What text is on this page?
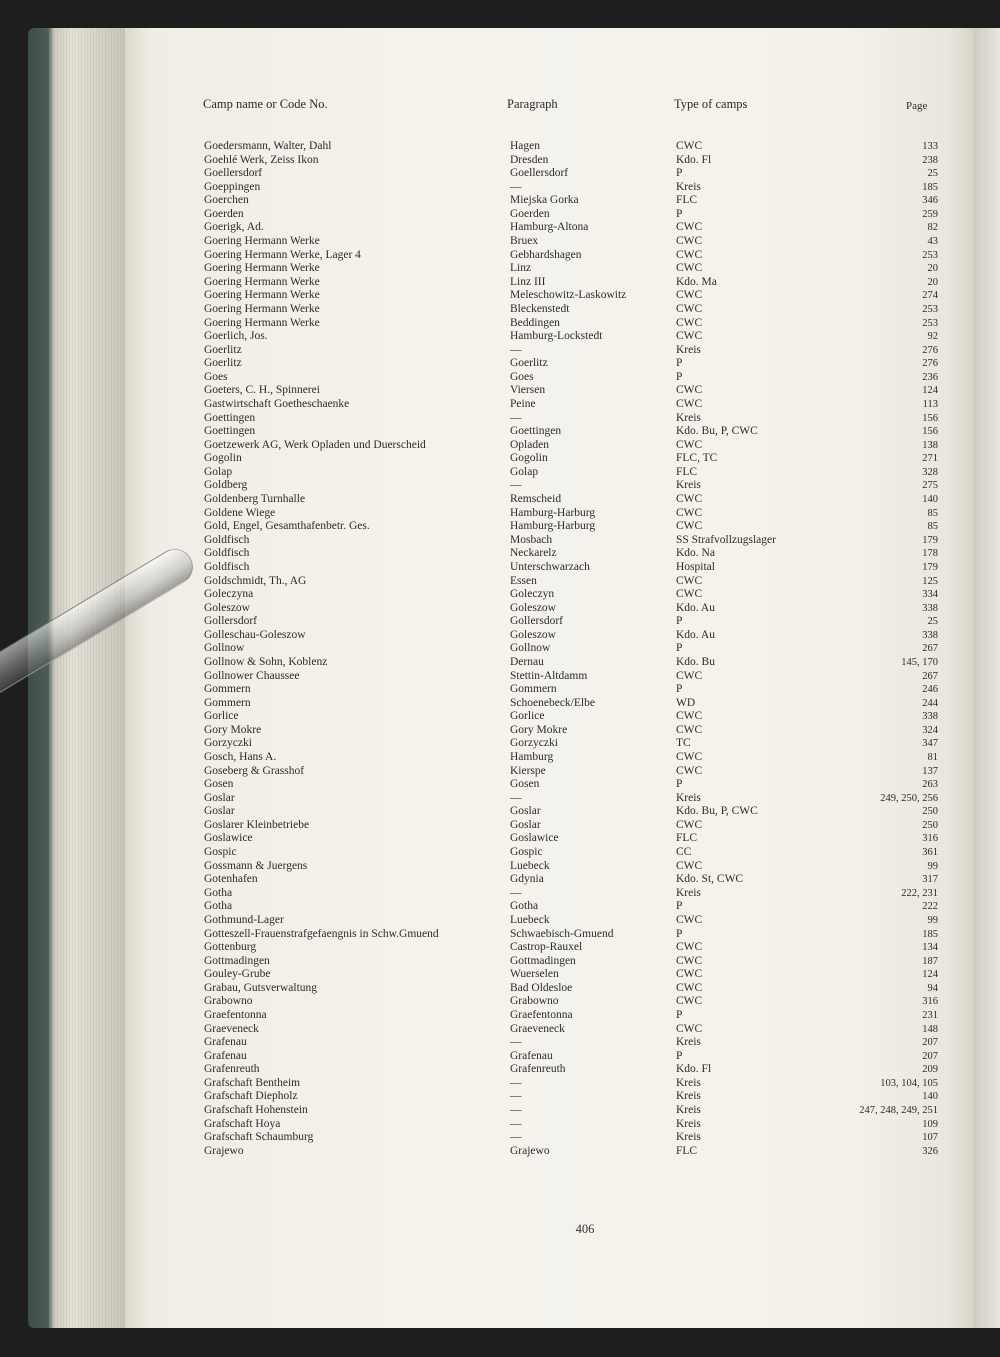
Camp name or Code No.	Paragraph	Type of camps	Page
Goedersmann, Walter, Dahl	Hagen	CWC	133
Goehlé Werk, Zeiss Ikon	Dresden	Kdo. Fl	238
Goellersdorf	Goellersdorf	P	25
Goeppingen	—	Kreis	185
Goerchen	Miejska Gorka	FLC	346
Goerden	Goerden	P	259
Goerigk, Ad.	Hamburg-Altona	CWC	82
Goering Hermann Werke	Bruex	CWC	43
Goering Hermann Werke, Lager 4	Gebhardshagen	CWC	253
Goering Hermann Werke	Linz	CWC	20
Goering Hermann Werke	Linz III	Kdo. Ma	20
Goering Hermann Werke	Meleschowitz-Laskowitz	CWC	274
Goering Hermann Werke	Bleckenstedt	CWC	253
Goering Hermann Werke	Beddingen	CWC	253
Goerlich, Jos.	Hamburg-Lockstedt	CWC	92
Goerlitz	—	Kreis	276
Goerlitz	Goerlitz	P	276
Goes	Goes	P	236
Goeters, C. H., Spinnerei	Viersen	CWC	124
Gastwirtschaft Goetheschaenke	Peine	CWC	113
Goettingen	—	Kreis	156
Goettingen	Goettingen	Kdo. Bu, P, CWC	156
Goetzewerk AG, Werk Opladen und Duerscheid	Opladen	CWC	138
Gogolin	Gogolin	FLC, TC	271
Golap	Golap	FLC	328
Goldberg	—	Kreis	275
Goldenberg Turnhalle	Remscheid	CWC	140
Goldene Wiege	Hamburg-Harburg	CWC	85
Gold, Engel, Gesamthafenbetr. Ges.	Hamburg-Harburg	CWC	85
Goldfisch	Mosbach	SS Strafvollzugslager	179
Goldfisch	Neckarelz	Kdo. Na	178
Goldfisch	Unterschwarzach	Hospital	179
Goldschmidt, Th., AG	Essen	CWC	125
Goleczyna	Goleczyn	CWC	334
Goleszow	Goleszow	Kdo. Au	338
Gollersdorf	Gollersdorf	P	25
Golleschau-Goleszow	Goleszow	Kdo. Au	338
Gollnow	Gollnow	P	267
Gollnow & Sohn, Koblenz	Dernau	Kdo. Bu	145, 170
Gollnower Chaussee	Stettin-Altdamm	CWC	267
Gommern	Gommern	P	246
Gommern	Schoenebeck/Elbe	WD	244
Gorlice	Gorlice	CWC	338
Gory Mokre	Gory Mokre	CWC	324
Gorzyczki	Gorzyczki	TC	347
Gosch, Hans A.	Hamburg	CWC	81
Goseberg & Grasshof	Kierspe	CWC	137
Gosen	Gosen	P	263
Goslar	—	Kreis	249, 250, 256
Goslar	Goslar	Kdo. Bu, P, CWC	250
Goslarer Kleinbetriebe	Goslar	CWC	250
Goslawice	Goslawice	FLC	316
Gospic	Gospic	CC	361
Gossmann & Juergens	Luebeck	CWC	99
Gotenhafen	Gdynia	Kdo. St, CWC	317
Gotha	—	Kreis	222, 231
Gotha	Gotha	P	222
Gothmund-Lager	Luebeck	CWC	99
Gotteszell-Frauenstrafgefaengnis in Schw.Gmuend	Schwaebisch-Gmuend	P	185
Gottenburg	Castrop-Rauxel	CWC	134
Gottmadingen	Gottmadingen	CWC	187
Gouley-Grube	Wuerselen	CWC	124
Grabau, Gutsverwaltung	Bad Oldesloe	CWC	94
Grabowno	Grabowno	CWC	316
Graefentonna	Graefentonna	P	231
Graeveneck	Graeveneck	CWC	148
Grafenau	—	Kreis	207
Grafenau	Grafenau	P	207
Grafenreuth	Grafenreuth	Kdo. Fl	209
Grafschaft Bentheim	—	Kreis	103, 104, 105
Grafschaft Diepholz	—	Kreis	140
Grafschaft Hohenstein	—	Kreis	247, 248, 249, 251
Grafschaft Hoya	—	Kreis	109
Grafschaft Schaumburg	—	Kreis	107
Grajewo	Grajewo	FLC	326
406
